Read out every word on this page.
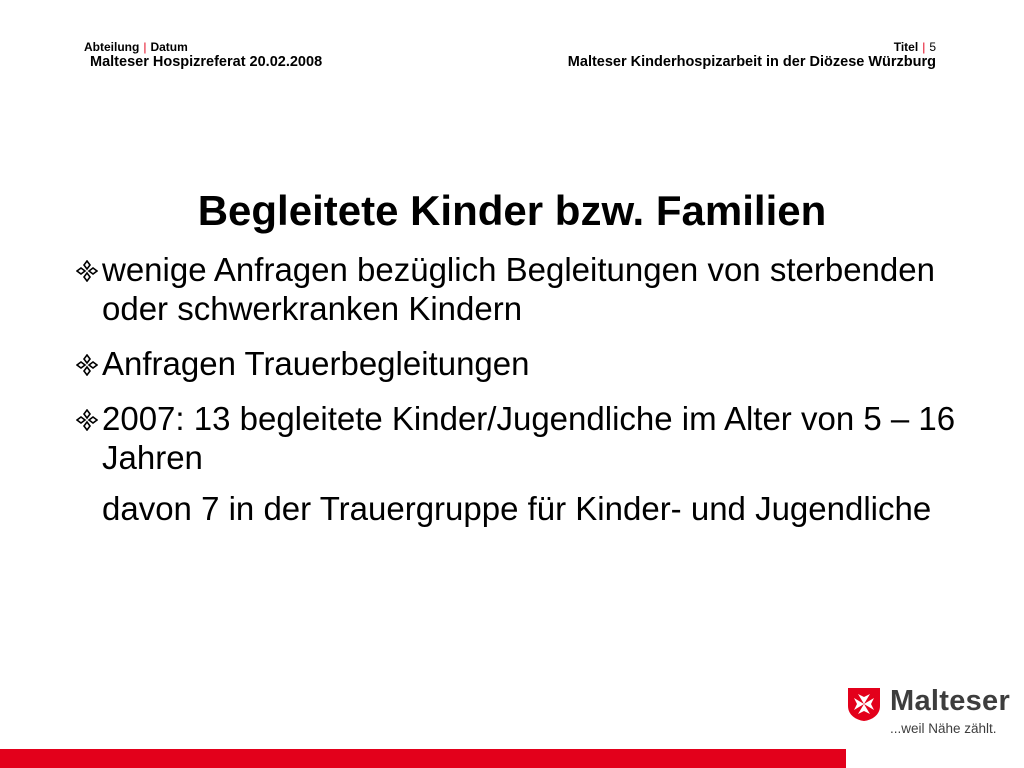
Abteilung | Datum
Malteser Hospizreferat 20.02.2008
Titel | 5
Malteser Kinderhospizarbeit in der Diözese Würzburg
Begleitete Kinder bzw. Familien
wenige Anfragen bezüglich Begleitungen von sterbenden oder schwerkranken Kindern
Anfragen Trauerbegleitungen
2007: 13 begleitete Kinder/Jugendliche im Alter von 5 – 16 Jahren
davon 7 in der Trauergruppe für Kinder- und Jugendliche
Malteser
...weil Nähe zählt.
